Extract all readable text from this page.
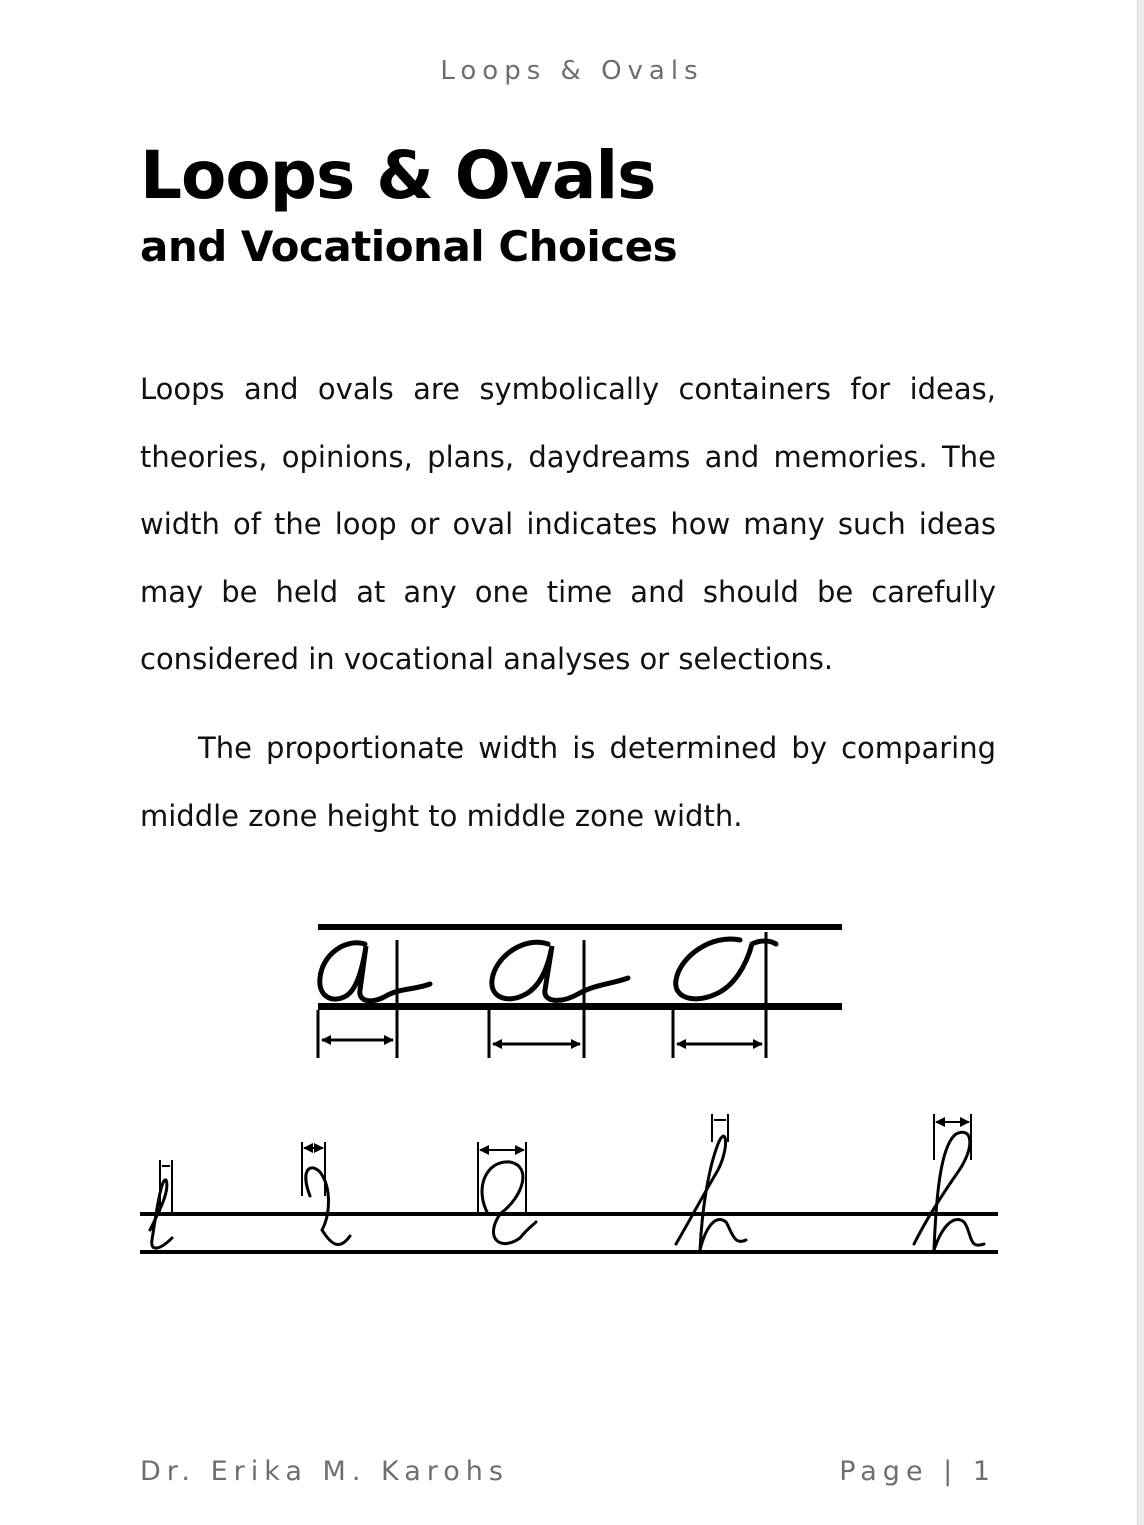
Loops & Ovals
Loops & Ovals
and Vocational Choices

Loops and ovals are symbolically containers for ideas, theories, opinions, plans, daydreams and memories. The width of the loop or oval indicates how many such ideas may be held at any one time and should be carefully considered in vocational analyses or selections.

The proportionate width is determined by comparing middle zone height to middle zone width.

Dr. Erika M. Karohs	Page | 1
